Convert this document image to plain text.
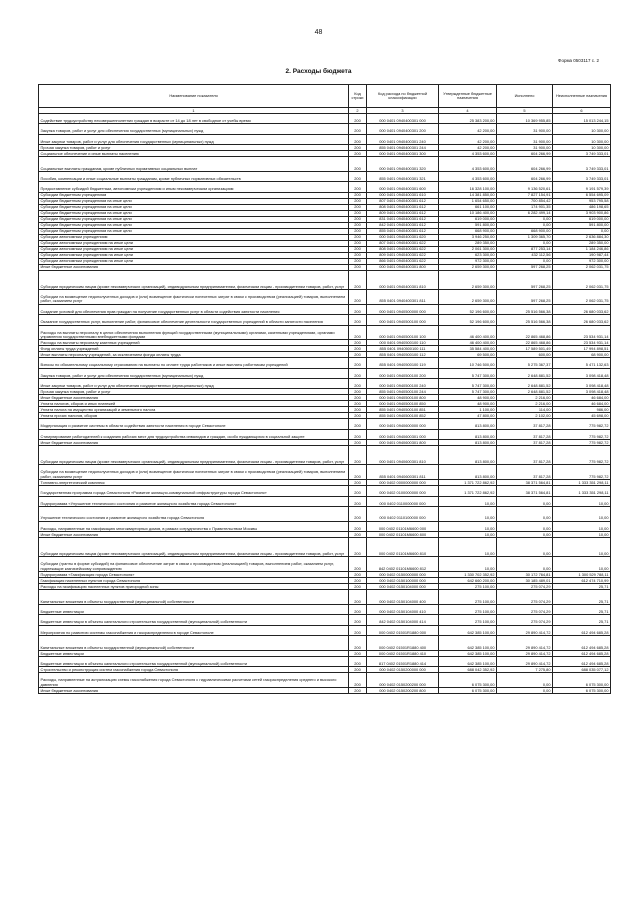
48
Форма 0503117 с. 2
2. Расходы бюджета
Наименование показателя	Код строки	Код расхода по бюджетной классификации	Утвержденные бюджетные назначения	Исполнено	Неисполненные назначения
1	2	3	4	5	6
Содействие трудоустройству несовершеннолетних граждан в возрасте от 14 до 18 лет в свободное от учебы время	200	000 0401 0940400301 000	25 383 200,00	10 369 955,85	15 013 244,15
Закупка товаров, работ и услуг для обеспечения государственных (муниципальных) нужд	200	000 0401 0940400301 200	42 200,00	31 900,00	10 300,00
Иные закупки товаров, работ и услуг для обеспечения государственных (муниципальных) нужд	200	000 0401 0940400301 240	42 200,00	31 900,00	10 300,00
Прочая закупка товаров, работ и услуг	200	855 0401 0940400301 244	42 200,00	31 900,00	10 300,00
Социальное обеспечение и иные выплаты населению	200	000 0401 0940400301 300	4 353 600,00	604 266,99	3 749 333,01
Социальные выплаты гражданам, кроме публичных нормативных социальных выплат	200	000 0401 0940400301 320	4 353 600,00	604 266,99	3 749 333,01
Пособия, компенсации и иные социальные выплаты гражданам, кроме публичных нормативных обязательств	200	855 0401 0940400301 321	4 353 600,00	604 266,99	3 749 333,01
Предоставление субсидий бюджетным, автономным учреждениям и иным некоммерческим организациям	200	000 0401 0940400301 600	16 328 100,00	9 136 520,61	9 191 579,39
Субсидии бюджетным учреждениям	200	000 0401 0940400301 610	14 381 850,00	7 827 154,91	6 554 695,09
Субсидии бюджетным учреждениям на иные цели	200	807 0401 0940400301 612	1 654 650,00	700 854,42	953 795,58
Субсидии бюджетным учреждениям на иные цели	200	808 0401 0940400301 612	661 100,00	174 901,35	486 198,65
Субсидии бюджетным учреждениям на иные цели	200	809 0401 0940400301 612	10 186 400,00	6 282 499,14	3 903 900,86
Субсидии бюджетным учреждениям на иные цели	200	831 0401 0940400301 612	619 000,00	0,00	619 000,00
Субсидии бюджетным учреждениям на иные цели	200	842 0401 0940400301 612	591 800,00	0,00	591 800,00
Субсидии бюджетным учреждениям на иные цели	200	855 0401 0940400301 612	668 900,00	668 900,00	0,00
Субсидии автономным учреждениям	200	000 0401 0940400301 620	3 946 250,00	1 309 365,70	2 636 884,30
Субсидии автономным учреждениям на иные цели	200	807 0401 0940400301 622	289 350,00	0,00	289 350,00
Субсидии автономным учреждениям на иные цели	200	808 0401 0940400301 622	2 061 300,00	877 253,14	1 184 246,86
Субсидии автономным учреждениям на иные цели	200	809 0401 0940400301 622	623 300,00	432 112,56	190 987,44
Субсидии автономным учреждениям на иные цели	200	866 0401 0940400301 622	972 300,00	0,00	972 300,00
Иные бюджетные ассигнования	200	000 0401 0940400301 800	2 659 300,00	597 268,25	2 062 031,75
Субсидии юридическим лицам (кроме некоммерческих организаций), индивидуальным предпринимателям, физическим лицам - производителям товаров, работ, услуг	200	000 0401 0940400301 810	2 659 300,00	597 268,25	2 062 031,75
Субсидии на возмещение недополученных доходов и (или) возмещение фактически понесенных затрат в связи с производством (реализацией) товаров, выполнением работ, оказанием услуг	200	855 0401 0940400301 811	2 659 300,00	597 268,25	2 062 031,75
Создание условий для обеспечения прав граждан на получение государственных услуг в области содействия занятости населения	200	000 0401 0940500000 000	52 196 600,00	25 516 566,38	26 680 033,62
Оказание государственных услуг, выполнение работ, финансовое обеспечение деятельности государственных учреждений в области занятости населения	200	000 0401 0940500100 000	52 196 600,00	25 516 566,38	26 680 033,62
Расходы на выплаты персоналу в целях обеспечения выполнения функций государственными (муниципальными) органами, казенными учреждениями, органами управления государственными внебюджетными фондами	200	000 0401 0940500100 100	46 400 400,00	22 865 468,86	23 534 931,14
Расходы на выплаты персоналу казенных учреждений	200	000 0401 0940500100 110	46 400 400,00	22 865 468,86	23 534 931,14
Фонд оплаты труда учреждений	200	855 0401 0940500100 111	35 584 400,00	17 589 501,49	17 994 898,51
Иные выплаты персоналу учреждений, за исключением фонда оплаты труда	200	855 0401 0940500100 112	69 500,00	600,00	68 900,00
Взносы по обязательному социальному страхованию на выплаты по оплате труда работников и иные выплаты работникам учреждений	200	855 0401 0940500100 119	10 746 500,00	5 275 367,37	5 471 132,63
Закупка товаров, работ и услуг для обеспечения государственных (муниципальных) нужд	200	000 0401 0940500100 200	5 747 300,00	2 648 881,52	3 098 418,48
Иные закупки товаров, работ и услуг для обеспечения государственных (муниципальных) нужд	200	000 0401 0940500100 240	5 747 300,00	2 648 881,52	3 098 418,48
Прочая закупка товаров, работ и услуг	200	855 0401 0940500100 244	5 747 300,00	2 648 881,52	3 098 418,48
Иные бюджетные ассигнования	200	000 0401 0940500100 800	48 900,00	2 216,00	46 684,00
Уплата налогов, сборов и иных платежей	200	000 0401 0940500100 850	48 900,00	2 216,00	46 684,00
Уплата налога на имущество организаций и земельного налога	200	855 0401 0940500100 851	1 100,00	114,00	986,00
Уплата прочих налогов, сборов	200	855 0401 0940500100 852	47 800,00	2 102,00	45 698,00
Модернизация и развитие системы в области содействия занятости населения в городе Севастополе	200	000 0401 0940600000 000	813 800,00	37 817,28	775 982,72
Стимулирование работодателей к созданию рабочих мест для трудоустройства инвалидов и граждан, особо нуждающихся в социальной защите	200	000 0401 0940600301 000	813 800,00	37 817,28	775 982,72
Иные бюджетные ассигнования	200	000 0401 0940600301 800	813 800,00	37 817,28	775 982,72
Субсидии юридическим лицам (кроме некоммерческих организаций), индивидуальным предпринимателям, физическим лицам - производителям товаров, работ, услуг	200	000 0401 0940600301 810	813 800,00	37 817,28	775 982,72
Субсидии на возмещение недополученных доходов и (или) возмещение фактически понесенных затрат в связи с производством (реализацией) товаров, выполнением работ, оказанием услуг	200	855 0401 0940600301 811	813 800,00	37 817,28	775 982,72
Топливно-энергетический комплекс	200	000 0402 0000000000 000	1 371 722 862,92	38 371 564,81	1 333 351 298,11
Государственная программа города Севастополя «Развитие жилищно-коммунальной инфраструктуры города Севастополя»	200	000 0402 0100000000 000	1 371 722 862,92	38 371 564,81	1 333 351 298,11
Подпрограмма «Улучшение технического состояния и развитие жилищного хозяйства города Севастополя»	200	000 0402 0110000000 000	10,00	0,00	10,00
Улучшение технического состояния и развитие жилищного хозяйства города Севастополя	200	000 0402 0110100000 000	10,00	0,00	10,00
Расходы, направленные на газификацию многоквартирных домов, в рамках сотрудничества с Правительством Москвы	200	000 0402 01101M6600 000	10,00	0,00	10,00
Иные бюджетные ассигнования	200	000 0402 01101M6600 800	10,00	0,00	10,00
Субсидии юридическим лицам (кроме некоммерческих организаций), индивидуальным предпринимателям, физическим лицам - производителям товаров, работ, услуг	200	000 0402 01101M6600 810	10,00	0,00	10,00
Субсидии (гранты в форме субсидий) на финансовое обеспечение затрат в связи с производством (реализацией) товаров, выполнением работ, оказанием услуг, подлежащие казначейскому сопровождению	200	842 0402 01101M6600 812	10,00	0,00	10,00
Подпрограмма «Газификация города Севастополя»	200	000 0402 0150000000 000	1 330 702 352,92	30 172 764,81	1 300 529 788,11
Газификация населенных пунктов города Севастополя	200	000 0402 0150100000 000	642 660 200,00	30 185 489,01	612 474 710,99
Расходы на газификацию населенных пунктов пригородной зоны	200	000 0402 0150104000 000	275 100,00	275 074,29	25,71
Капитальные вложения в объекты государственной (муниципальной) собственности	200	000 0402 0150104000 400	275 100,00	275 074,29	25,71
Бюджетные инвестиции	200	000 0402 0150104000 410	275 100,00	275 074,29	25,71
Бюджетные инвестиции в объекты капитального строительства государственной (муниципальной) собственности	200	842 0402 0150104000 414	275 100,00	275 074,29	25,71
Мероприятия по развитию системы газоснабжения и газораспределения в городе Севастополе	200	000 0402 01501R1880 000	642 385 100,00	29 890 414,72	612 494 685,28
Капитальные вложения в объекты государственной (муниципальной) собственности	200	000 0402 01501R1880 400	642 385 100,00	29 890 414,72	612 494 685,28
Бюджетные инвестиции	200	000 0402 01501R1880 410	642 385 100,00	29 890 414,72	612 494 685,28
Бюджетные инвестиции в объекты капитального строительства государственной (муниципальной) собственности	200	817 0402 01501R1880 414	642 385 100,00	29 890 414,72	612 494 685,28
Строительство и реконструкция систем газоснабжения города Севастополя	200	000 0402 0150200000 000	688 042 352,92	7 275,80	688 035 077,12
Расходы, направленные на актуализацию схемы газоснабжения города Севастополя с гидравлическими расчетами сетей газораспределения среднего и высокого давления	200	000 0402 0150200200 000	6 075 300,00	0,00	6 075 300,00
Иные бюджетные ассигнования	200	000 0402 0150200200 800	6 075 300,00	0,00	6 075 300,00
